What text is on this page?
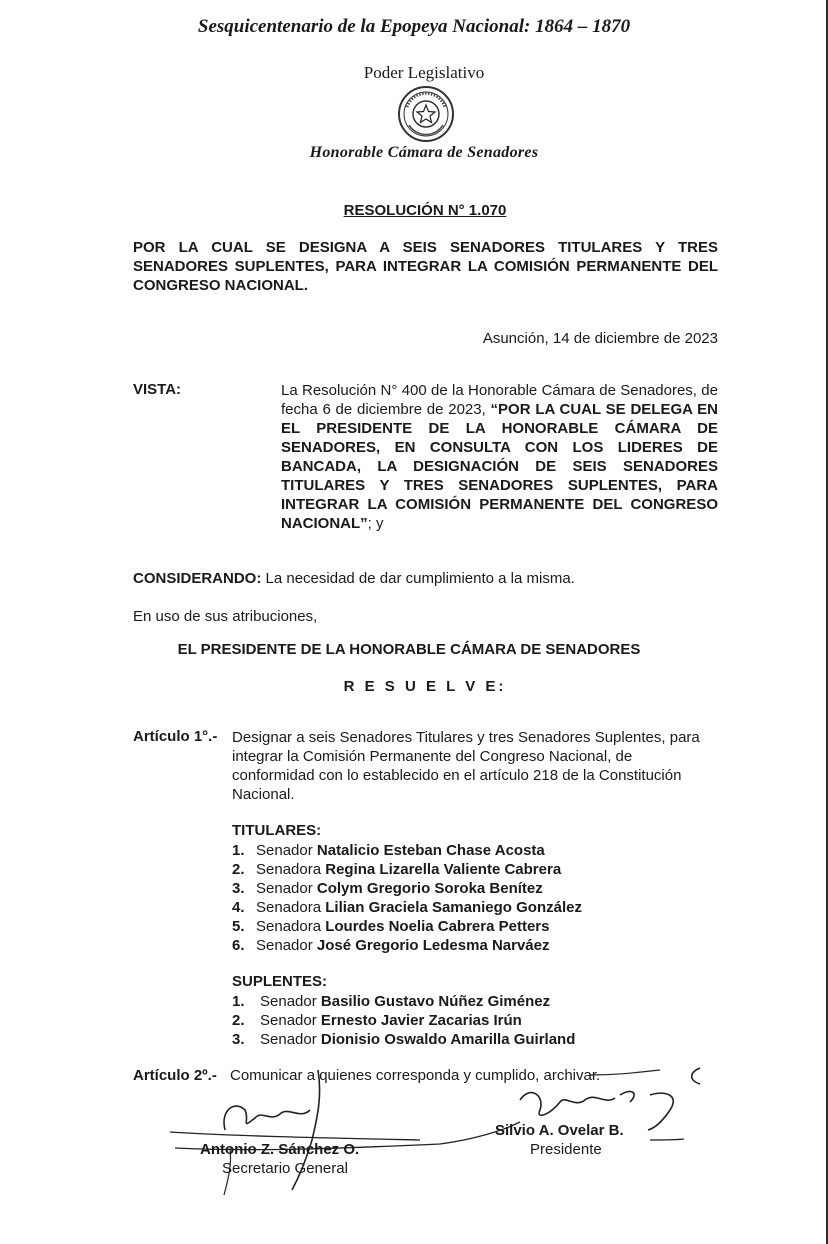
Sesquicentenario de la Epopeya Nacional: 1864 – 1870
Poder Legislativo
Honorable Cámara de Senadores
RESOLUCIÓN N° 1.070
POR LA CUAL SE DESIGNA A SEIS SENADORES TITULARES Y TRES SENADORES SUPLENTES, PARA INTEGRAR LA COMISIÓN PERMANENTE DEL CONGRESO NACIONAL.
Asunción, 14 de diciembre de 2023
VISTA:	La Resolución N° 400 de la Honorable Cámara de Senadores, de fecha 6 de diciembre de 2023, “POR LA CUAL SE DELEGA EN EL PRESIDENTE DE LA HONORABLE CÁMARA DE SENADORES, EN CONSULTA CON LOS LIDERES DE BANCADA, LA DESIGNACIÓN DE SEIS SENADORES TITULARES Y TRES SENADORES SUPLENTES, PARA INTEGRAR LA COMISIÓN PERMANENTE DEL CONGRESO NACIONAL”; y
CONSIDERANDO: La necesidad de dar cumplimiento a la misma.
En uso de sus atribuciones,
EL PRESIDENTE DE LA HONORABLE CÁMARA DE SENADORES
R E S U E L V E:
Artículo 1°.- Designar a seis Senadores Titulares y tres Senadores Suplentes, para integrar la Comisión Permanente del Congreso Nacional, de conformidad con lo establecido en el artículo 218 de la Constitución Nacional.
TITULARES:
1. Senador Natalicio Esteban Chase Acosta
2. Senadora Regina Lizarella Valiente Cabrera
3. Senador Colym Gregorio Soroka Benítez
4. Senadora Lilian Graciela Samaniego González
5. Senadora Lourdes Noelia Cabrera Petters
6. Senador José Gregorio Ledesma Narváez
SUPLENTES:
1. Senador Basilio Gustavo Núñez Giménez
2. Senador Ernesto Javier Zacarias Irún
3. Senador Dionisio Oswaldo Amarilla Guirland
Artículo 2º.- Comunicar a quienes corresponda y cumplido, archivar.
Antonio Z. Sánchez O.
Secretario General
Silvio A. Ovelar B.
Presidente
